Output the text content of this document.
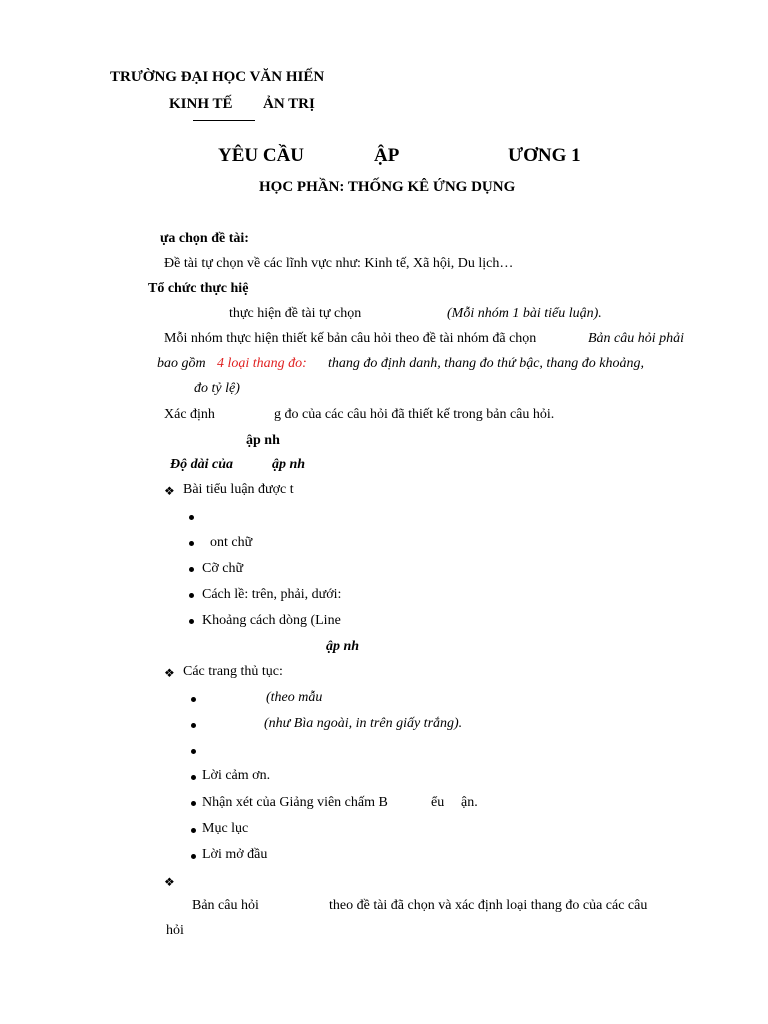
TRƯỜNG ĐẠI HỌC VĂN HIẾN
KINH TẾ ẢN TRỊ
YÊU CẦU	ẬP	ƯƠNG 1
HỌC PHẦN: THỐNG KÊ ỨNG DỤNG
ựa chọn đề tài:
Đề tài tự chọn về các lĩnh vực như: Kinh tế, Xã hội, Du lịch…
Tổ chức thực hiệ
thực hiện đề tài tự chọn	(Mỗi nhóm 1 bài tiểu luận).
Mỗi nhóm thực hiện thiết kế bản câu hỏi theo đề tài nhóm đã chọn	Bản câu hỏi phải
bao gồm 4 loại thang đo: thang đo định danh, thang đo thứ bậc, thang đo khoảng,
đo tỷ lệ)
Xác định	g đo của các câu hỏi đã thiết kế trong bản câu hỏi.
ập nh
Độ dài của	ập nh
❖ Bài tiểu luận được t
ont chữ
Cỡ chữ
Cách lề: trên, phải, dưới:
Khoảng cách dòng (Line
ập nh
❖ Các trang thủ tục:
(theo mẫu
(như Bìa ngoài, in trên giấy trắng).
Lời cảm ơn.
Nhận xét của Giảng viên chấm B	ểu ận.
Mục lục
Lời mở đầu
❖
Bản câu hỏi	theo đề tài đã chọn và xác định loại thang đo của các câu
hỏi
